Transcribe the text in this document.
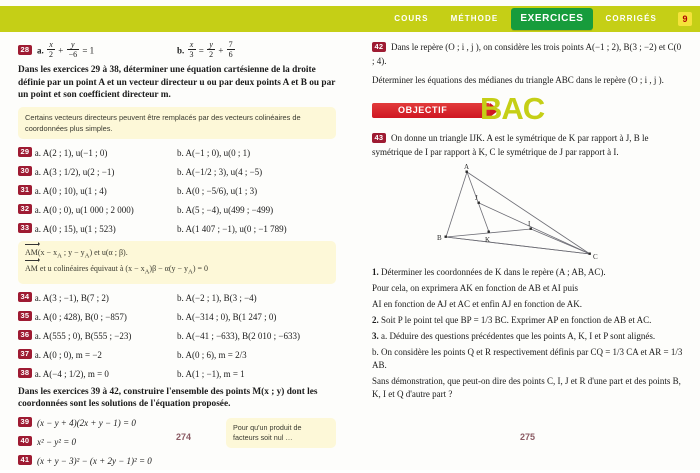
COURS	MÉTHODE	EXERCICES	CORRIGÉS	9
28 a. $\frac{x}{2} + \frac{y}{-6} = 1$	b. $\frac{x}{3} = \frac{y}{2} + \frac{7}{6}$

Dans les exercices 29 à 38, déterminer une équation cartésienne de la droite définie par un point A et un vecteur directeur u ou par deux points A et B ou par un point et son coefficient directeur m.

Certains vecteurs directeurs peuvent être remplacés par des vecteurs colinéaires de coordonnées plus simples.
29 a. A(2 ; 1), u(−1 ; 0)	b. A(−1 ; 0), u(0 ; 1)
30 a. A(3 ; 1/2), u(2 ; −1)	b. A(−1/2 ; 3), u(4 ; −5)
31 a. A(0 ; 10), u(1 ; 4)	b. A(0 ; −5/6), u(1 ; 3)
32 a. A(0 ; 0), u(1 000 ; 2 000)	b. A(5 ; −4), u(499 ; −499)
33 a. A(0 ; 15), u(1 ; 523)	b. A(1 407 ; −1), u(0 ; −1 789)
$AM(x - x_A$ ; $y - y_A$) et u(α ; β).
AM et u colinéaires équivaut à $(x - x_A)\beta - \alpha(y - y_A) = 0$
34 a. A(3 ; −1), B(7 ; 2)	b. A(−2 ; 1), B(3 ; −4)
35 a. A(0 ; 428), B(0 ; −857)	b. A(−314 ; 0), B(1 247 ; 0)
36 a. A(555 ; 0), B(555 ; −23)	b. A(−41 ; −633), B(2 010 ; −633)
37 a. A(0 ; 0), m = −2	b. A(0 ; 6), m = 2/3
38 a. A(−4 ; 1/2), m = 0	b. A(1 ; −1), m = 1

Dans les exercices 39 à 42, construire l'ensemble des points M(x ; y) dont les coordonnées sont les solutions de l'équation proposée.

39 (x − y + 4)(2x + y − 1) = 0
40 x² − y² = 0
41 (x + y − 3)² − (x + 2y − 1)² = 0
Pour qu'un produit de facteurs soit nul …
42 Dans le repère (O ; i , j ), on considère les trois points A(−1 ; 2), B(3 ; −2) et C(0 ; 4).
Déterminer les équations des médianes du triangle ABC dans le repère (O ; i , j ).
OBJECTIF BAC
43 On donne un triangle IJK. A est le symétrique de K par rapport à J, B le symétrique de I par rapport à K, C le symétrique de J par rapport à I.
A
J
B	K
I
C
1. Déterminer les coordonnées de K dans le repère (A ; AB, AC).
Pour cela, on exprimera AK en fonction de AB et AI puis
AI en fonction de AJ et AC et enfin AJ en fonction de AK.
2. Soit P le point tel que BP = 1/3 BC. Exprimer AP en fonction de AB et AC.
3. a. Déduire des questions précédentes que les points A, K, I et P sont alignés.
b. On considère les points Q et R respectivement définis par CQ = 1/3 CA et AR = 1/3 AB.
Sans démonstration, que peut-on dire des points C, I, J et R d'une part et des points B, K, I et Q d'autre part ?
274	275
